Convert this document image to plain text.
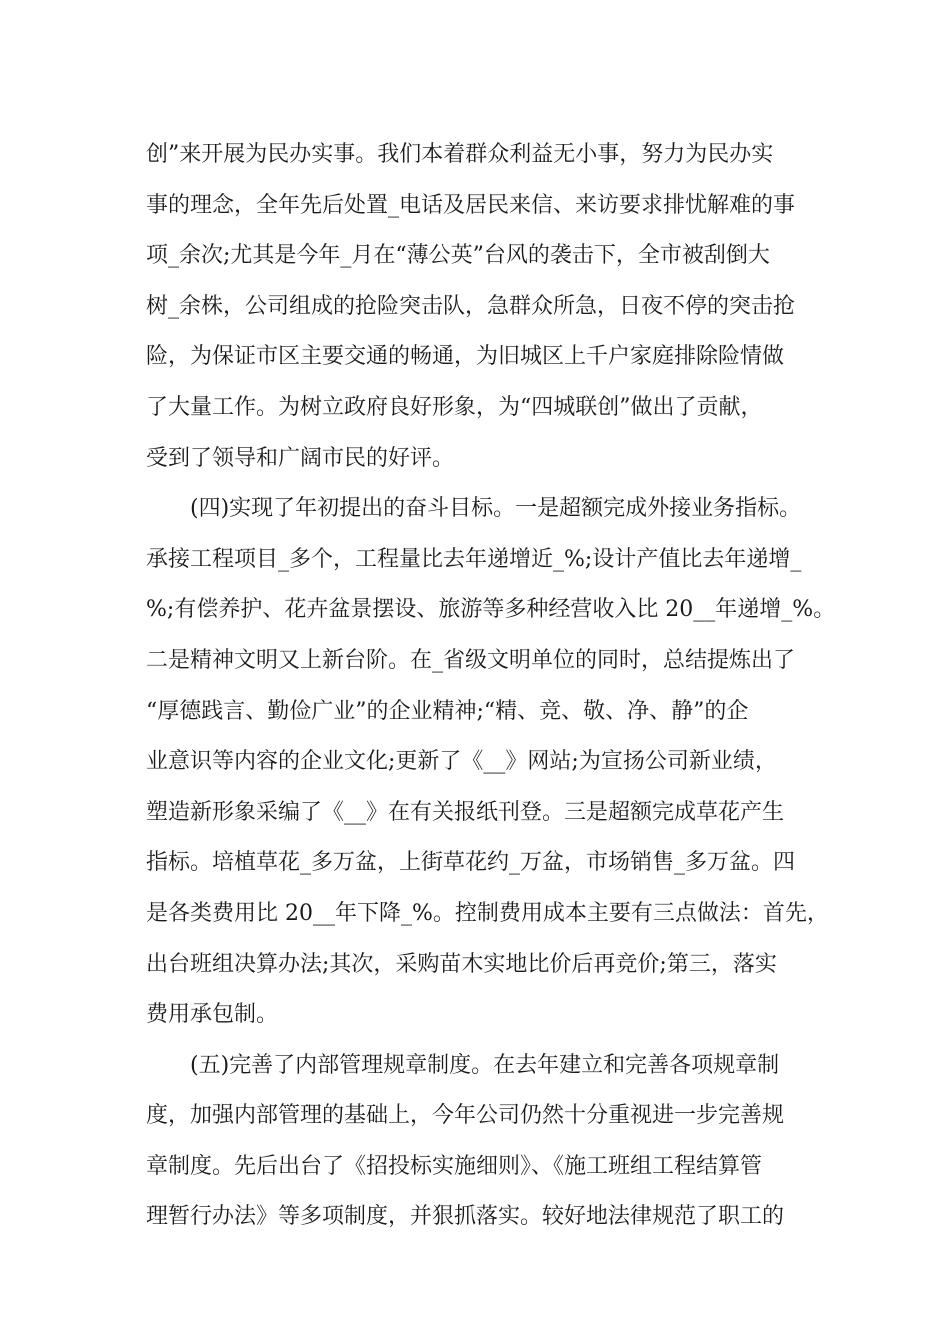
创”来开展为民办实事。我们本着群众利益无小事，努力为民办实
事的理念，全年先后处置_电话及居民来信、来访要求排忧解难的事
项_余次;尤其是今年_月在“薄公英”台风的袭击下，全市被刮倒大
树_余株，公司组成的抢险突击队，急群众所急，日夜不停的突击抢
险，为保证市区主要交通的畅通，为旧城区上千户家庭排除险情做
了大量工作。为树立政府良好形象，为“四城联创”做出了贡献，
受到了领导和广阔市民的好评。
(四)实现了年初提出的奋斗目标。一是超额完成外接业务指标。
承接工程项目_多个，工程量比去年递增近_%;设计产值比去年递增_
%;有偿养护、花卉盆景摆设、旅游等多种经营收入比 20__年递增_%。
二是精神文明又上新台阶。在_省级文明单位的同时，总结提炼出了
“厚德践言、勤俭广业”的企业精神;“精、竞、敬、净、静”的企
业意识等内容的企业文化;更新了《__》网站;为宣扬公司新业绩，
塑造新形象采编了《__》在有关报纸刊登。三是超额完成草花产生
指标。培植草花_多万盆，上街草花约_万盆，市场销售_多万盆。四
是各类费用比 20__年下降_%。控制费用成本主要有三点做法：首先，
出台班组决算办法;其次，采购苗木实地比价后再竞价;第三，落实
费用承包制。
(五)完善了内部管理规章制度。在去年建立和完善各项规章制
度，加强内部管理的基础上，今年公司仍然十分重视进一步完善规
章制度。先后出台了《招投标实施细则》、《施工班组工程结算管
理暂行办法》等多项制度，并狠抓落实。较好地法律规范了职工的
